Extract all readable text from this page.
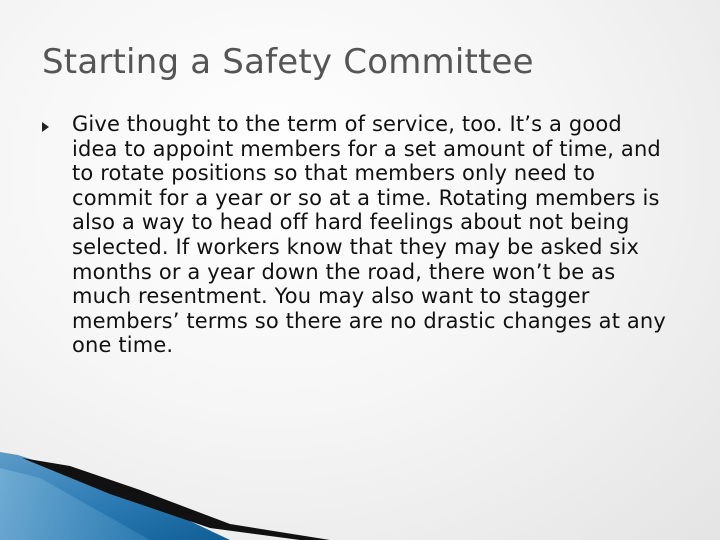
Starting a Safety Committee
Give thought to the term of service, too. It’s a good idea to appoint members for a set amount of time, and to rotate positions so that members only need to commit for a year or so at a time. Rotating members is also a way to head off hard feelings about not being selected. If workers know that they may be asked six months or a year down the road, there won’t be as much resentment. You may also want to stagger members’ terms so there are no drastic changes at any one time.
